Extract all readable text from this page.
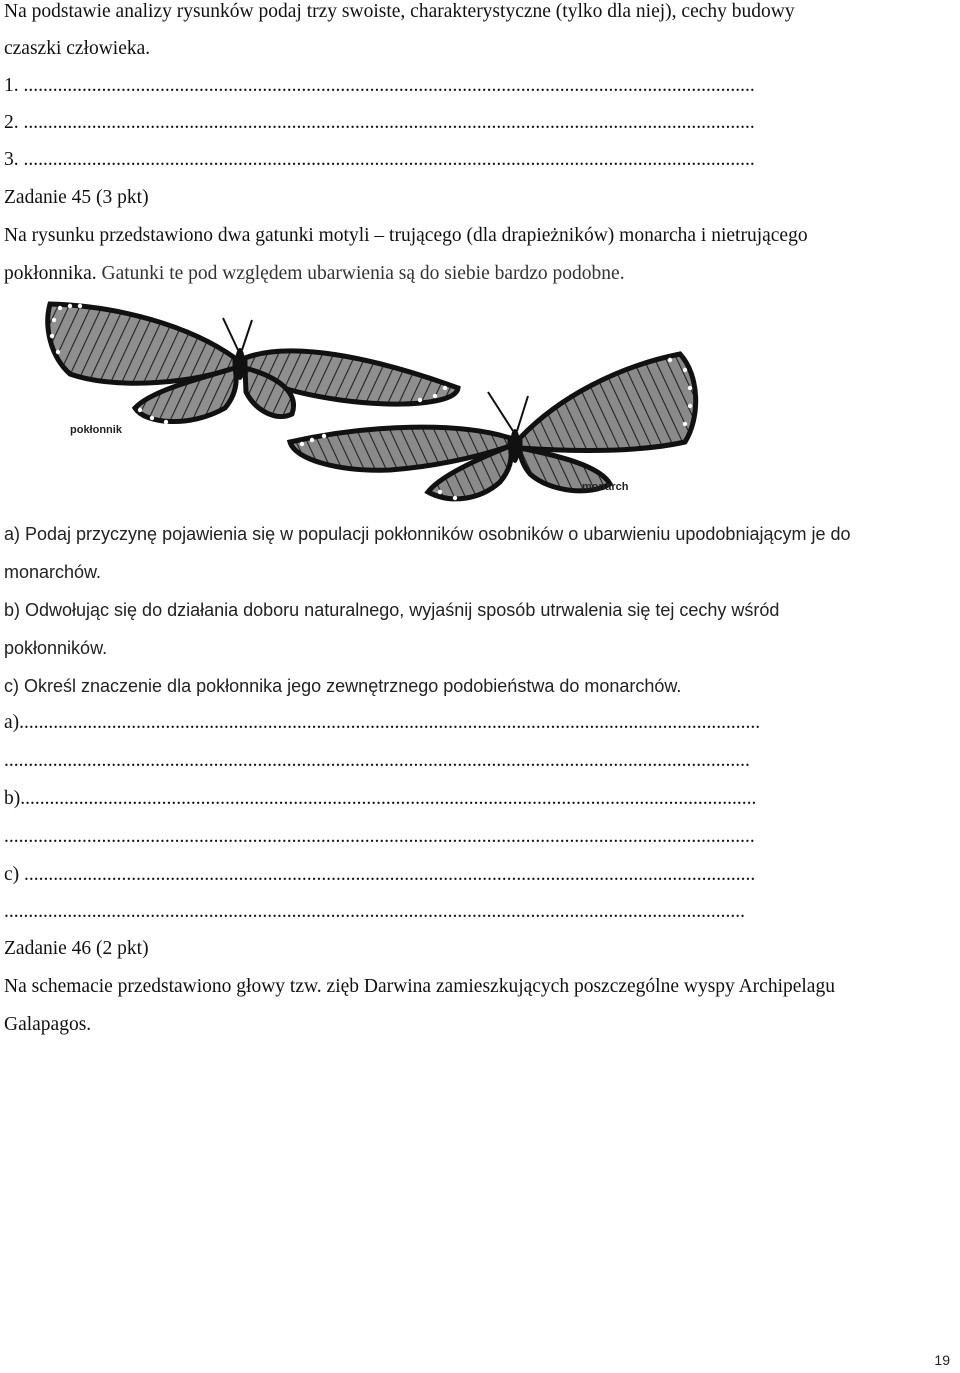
Na podstawie analizy rysunków podaj trzy swoiste, charakterystyczne (tylko dla niej), cechy budowy
czaszki człowieka.
1. ......................................................................................................................................................
2. ......................................................................................................................................................
3. ......................................................................................................................................................
Zadanie 45 (3 pkt)
Na rysunku przedstawiono dwa gatunki motyli – trującego (dla drapieżników) monarcha i nietrującego
pokłonnika. Gatunki te pod względem ubarwienia są do siebie bardzo podobne.
pokłonnik
monarch
a) Podaj przyczynę pojawienia się w populacji pokłonników osobników o ubarwieniu upodobniającym je do
monarchów.
b) Odwołując się do działania doboru naturalnego, wyjaśnij sposób utrwalenia się tej cechy wśród
pokłonników.
c) Określ znaczenie dla pokłonnika jego zewnętrznego podobieństwa do monarchów.
a)........................................................................................................................................................
.........................................................................................................................................................
b).......................................................................................................................................................
..........................................................................................................................................................
c) ......................................................................................................................................................
........................................................................................................................................................
Zadanie 46 (2 pkt)
Na schemacie przedstawiono głowy tzw. zięb Darwina zamieszkujących poszczególne wyspy Archipelagu
Galapagos.
19
